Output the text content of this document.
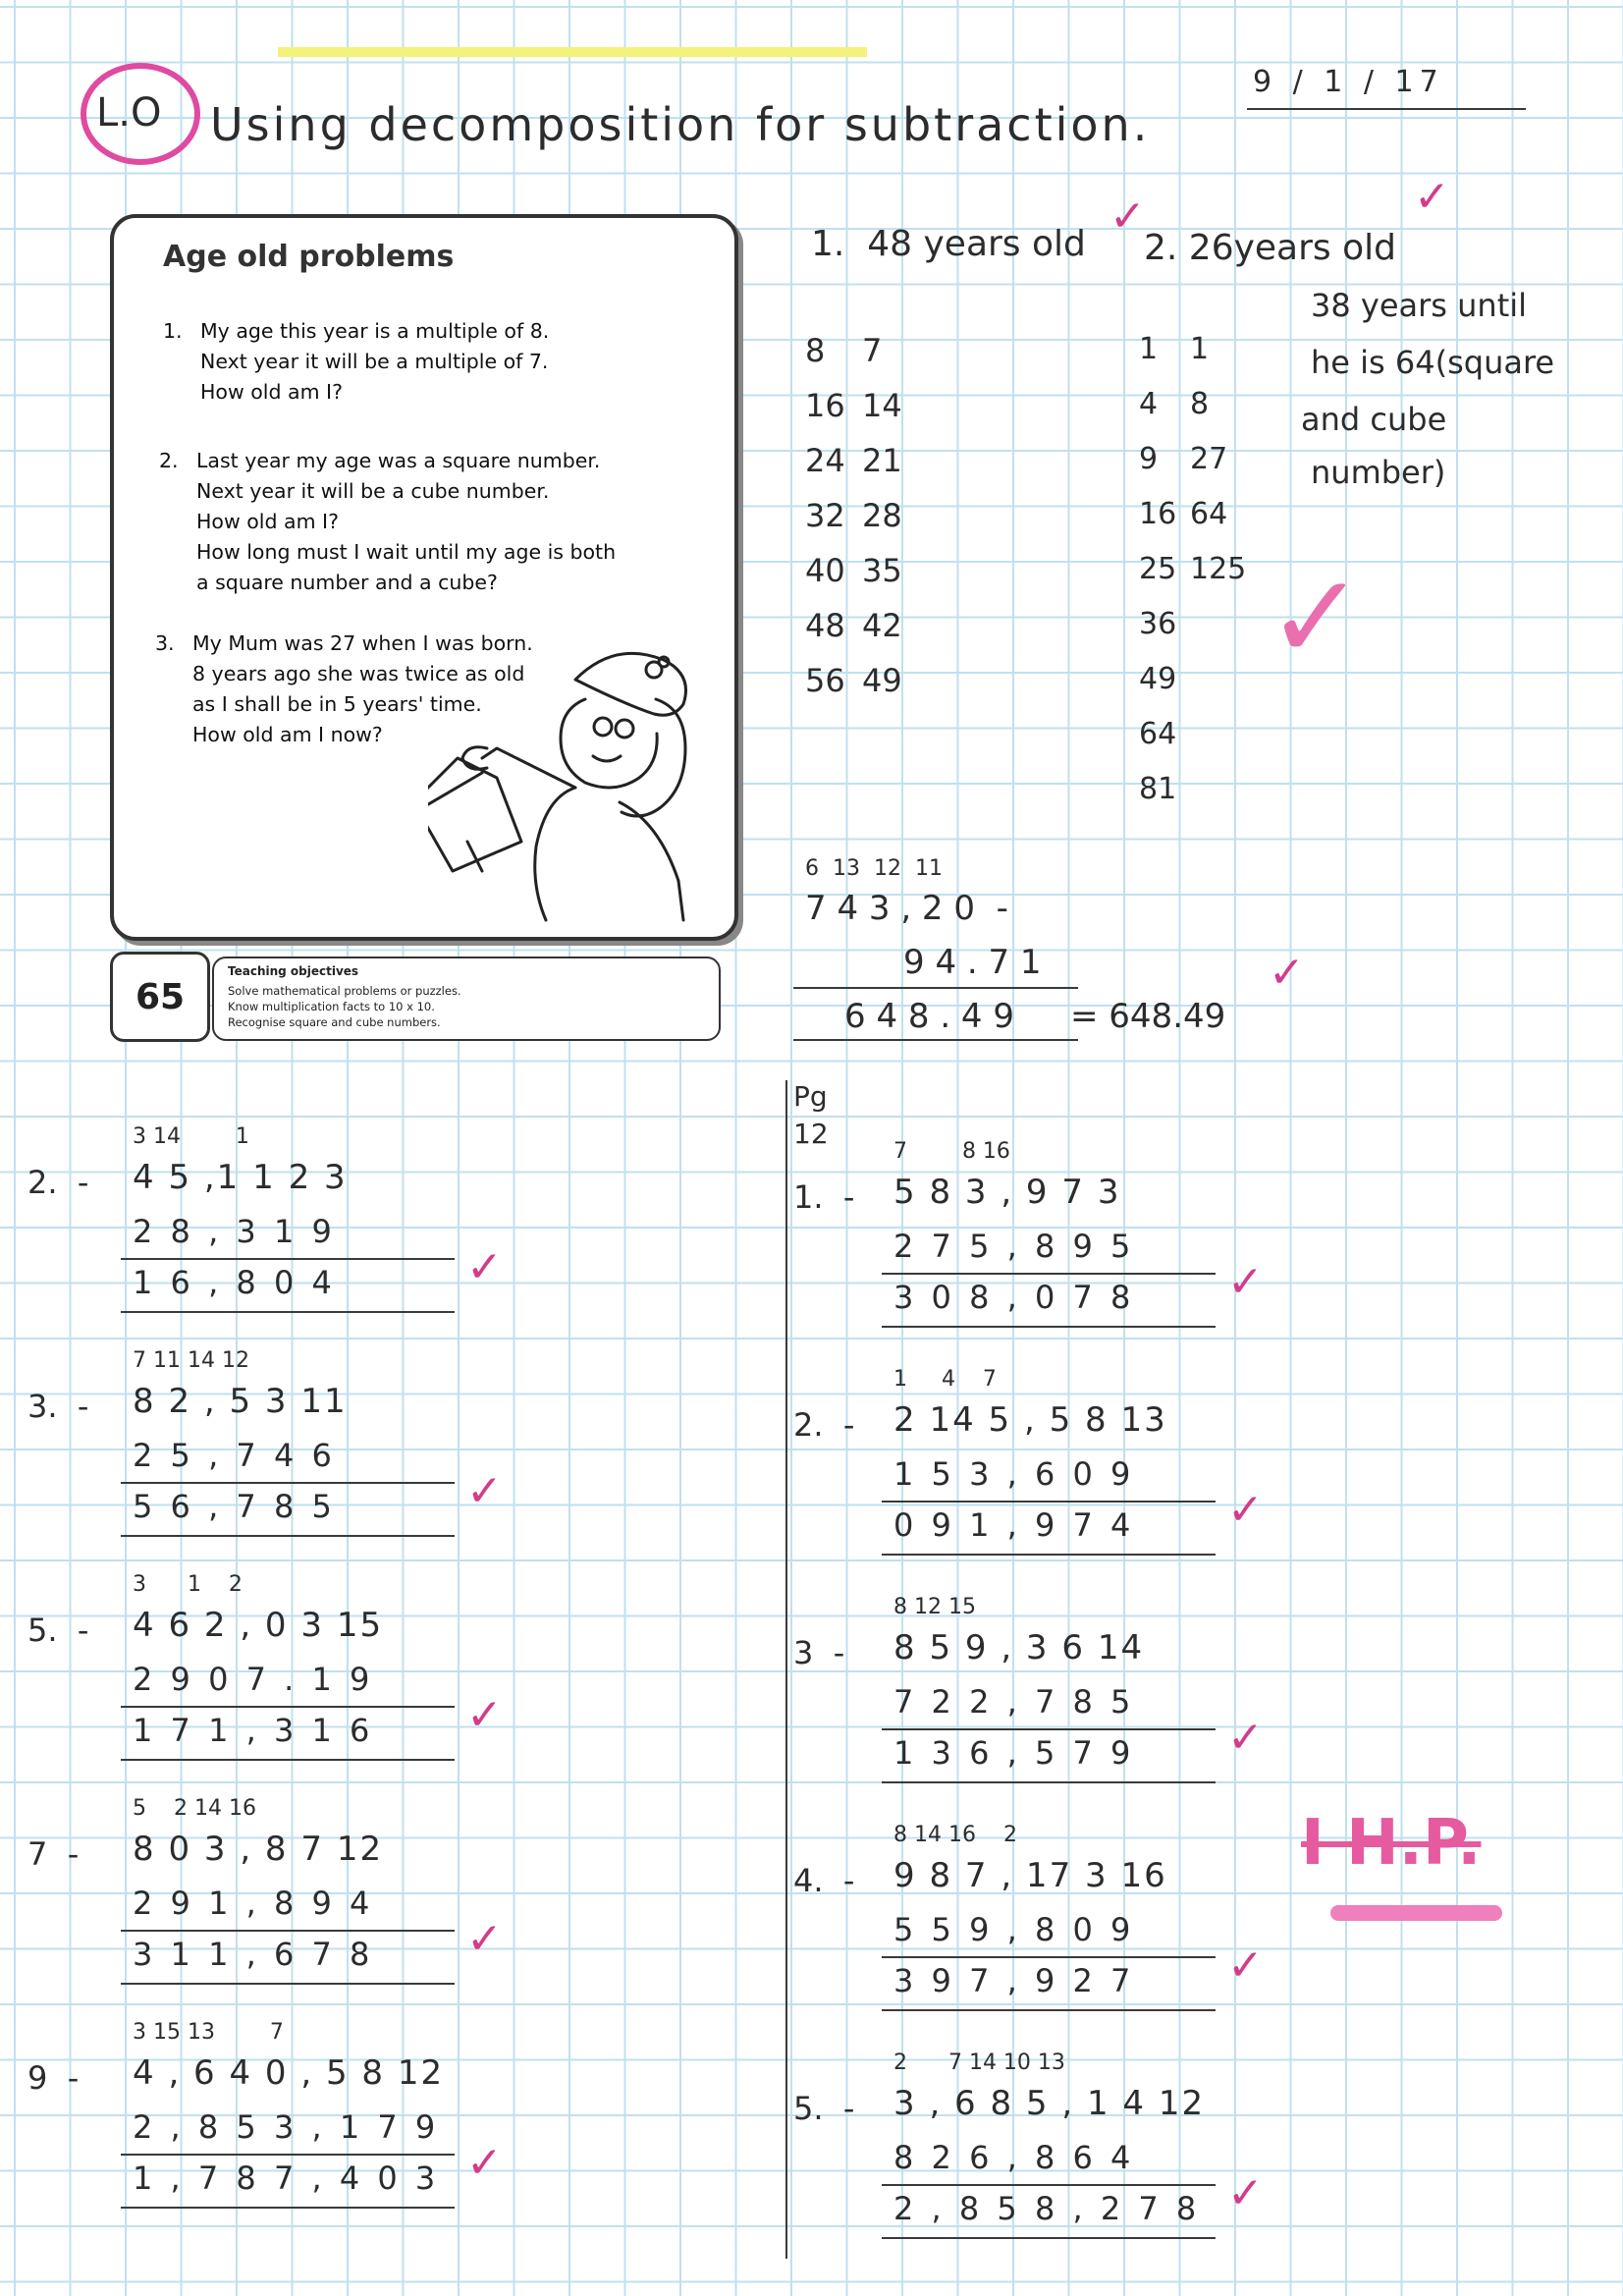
L.O Using decomposition for subtraction.
9 / 1 / 17
Age old problems
1. My age this year is a multiple of 8.
Next year it will be a multiple of 7.
How old am I?
2. Last year my age was a square number.
Next year it will be a cube number.
How old am I?
How long must I wait until my age is both
a square number and a cube?
3. My Mum was 27 when I was born.
8 years ago she was twice as old
as I shall be in 5 years' time.
How old am I now?
65
Teaching objectives
Solve mathematical problems or puzzles.
Know multiplication facts to 10 x 10.
Recognise square and cube numbers.
1.  48 years old
✓
2. 26years old
✓
38 years until
he is 64(square
and cube
number)
8 7
16 14
24 21
32 28
40 35
48 42
56 49
1 1
4 8
9 27
16 64
25 125
36
49
64
81
✓
6  13  12  11
7 4 3 , 2 0  -
9 4 . 7 1
6 4 8 . 4 9 = 648.49
✓
Pg
12
2.  -
3 14        1
4 5 ,1 1 2 3
2 8 , 3 1 9
1 6 , 8 0 4	✓
3.  -
7 11 14 12
8 2 , 5 3 11
2 5 , 7 4 6
5 6 , 7 8 5	✓
5.  -
3      1    2
4 6 2 , 0 3 15
2 9 0 7 . 1 9
1 7 1 , 3 1 6 ✓
7  -
5    2 14 16
8 0 3 , 8 7 12
2 9 1 , 8 9 4
3 1 1 , 6 7 8 ✓
9  -
3 15 13        7
4 , 6 4 0 , 5 8 12
2 , 8 5 3 , 1 7 9
1 , 7 8 7 , 4 0 3 ✓
1.  -
7        8 16
5 8 3 , 9 7 3
2 7 5 , 8 9 5
3 0 8 , 0 7 8 ✓
2.  -
1     4    7
2 14 5 , 5 8 13
1 5 3 , 6 0 9
0 9 1 , 9 7 4 ✓
3  -
8 12 15
8 5 9 , 3 6 14
7 2 2 , 7 8 5
1 3 6 , 5 7 9 ✓
4.  -
8 14 16    2
9 8 7 , 17 3 16
5 5 9 , 8 0 9
3 9 7 , 9 2 7 ✓
5.  -
2      7 14 10 13
3 , 6 8 5 , 1 4 12
8 2 6 , 8 6 4
2 , 8 5 8 , 2 7 8 ✓
I H.P.
